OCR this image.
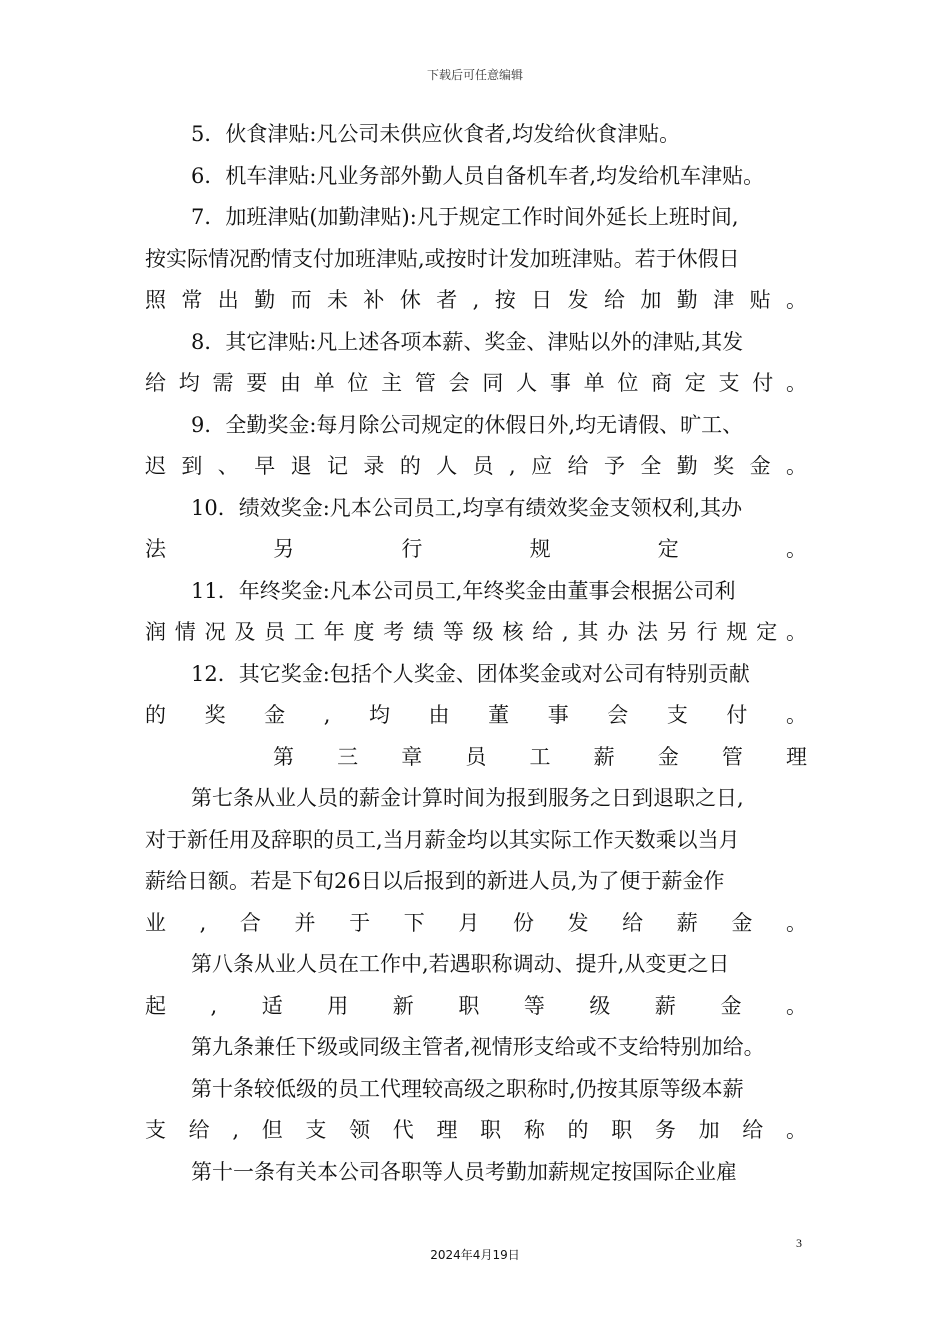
下载后可任意编辑
5．伙食津贴:凡公司未供应伙食者,均发给伙食津贴。
6．机车津贴:凡业务部外勤人员自备机车者,均发给机车津贴。
7．加班津贴(加勤津贴):凡于规定工作时间外延长上班时间,
按实际情况酌情支付加班津贴,或按时计发加班津贴。若于休假日
照常出勤而未补休者,按日发给加勤津贴。
8．其它津贴:凡上述各项本薪、奖金、津贴以外的津贴,其发
给均需要由单位主管会同人事单位商定支付。
9．全勤奖金:每月除公司规定的休假日外,均无请假、旷工、
迟到、早退记录的人员,应给予全勤奖金。
10．绩效奖金:凡本公司员工,均享有绩效奖金支领权利,其办
法另行规定。
11．年终奖金:凡本公司员工,年终奖金由董事会根据公司利
润情况及员工年度考绩等级核给,其办法另行规定。
12．其它奖金:包括个人奖金、团体奖金或对公司有特别贡献
的奖金,均由董事会支付。
第三章员工薪金管理
第七条从业人员的薪金计算时间为报到服务之日到退职之日,
对于新任用及辞职的员工,当月薪金均以其实际工作天数乘以当月
薪给日额。若是下旬26日以后报到的新进人员,为了便于薪金作
业,合并于下月份发给薪金。
第八条从业人员在工作中,若遇职称调动、提升,从变更之日
起,适用新职等级薪金。
第九条兼任下级或同级主管者,视情形支给或不支给特别加给。
第十条较低级的员工代理较高级之职称时,仍按其原等级本薪
支给,但支领代理职称的职务加给。
第十一条有关本公司各职等人员考勤加薪规定按国际企业雇
3
2024年4月19日
